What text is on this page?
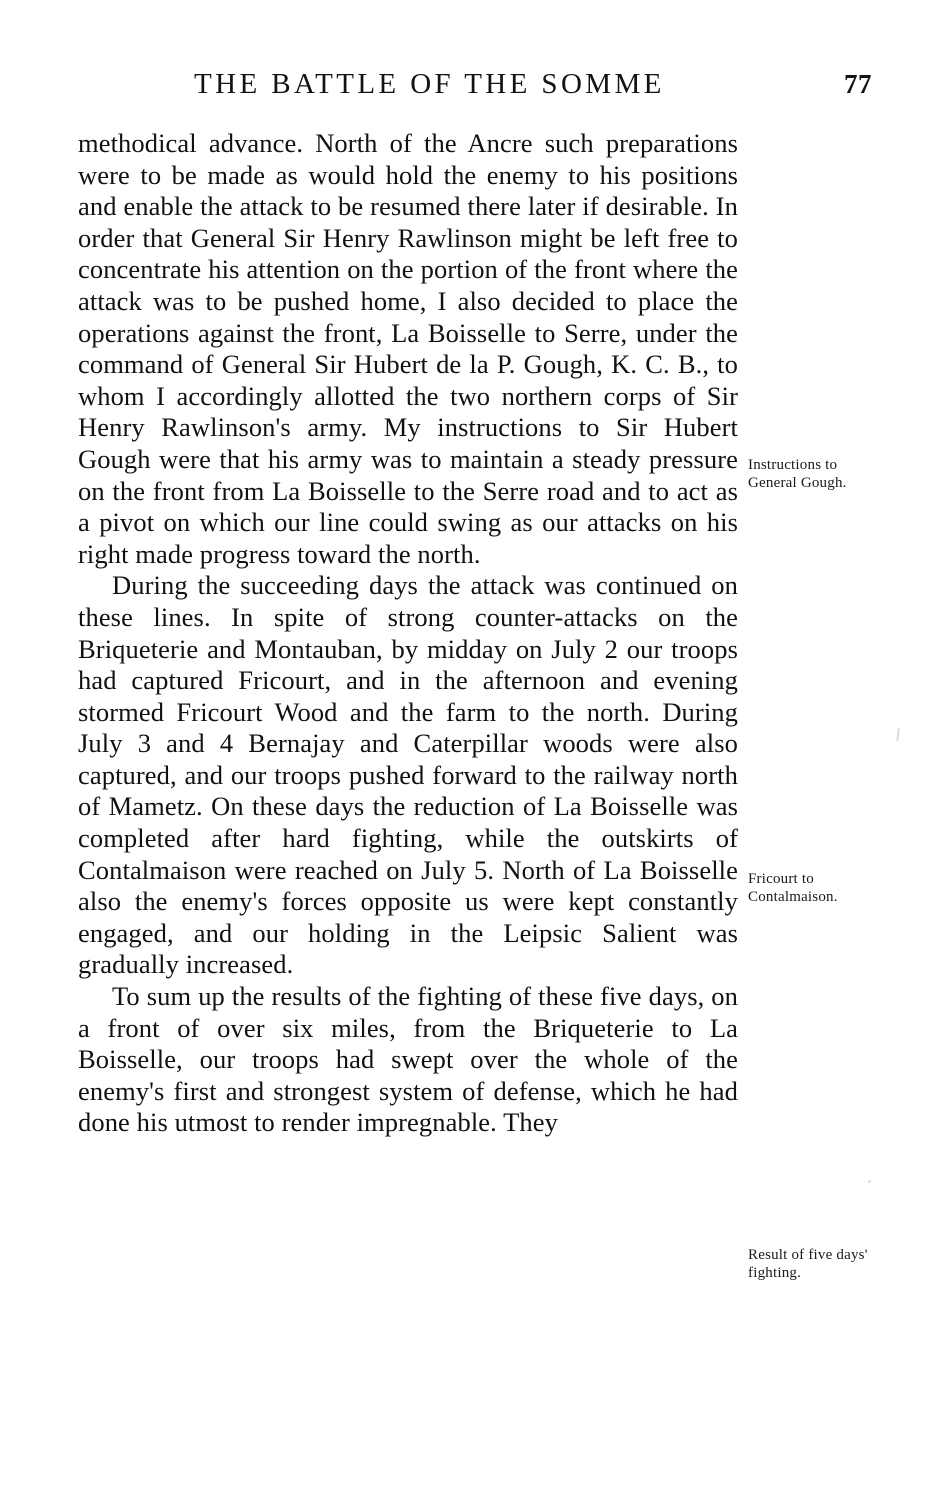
THE BATTLE OF THE SOMME	77

methodical advance. North of the Ancre such preparations were to be made as would hold the enemy to his positions and enable the attack to be resumed there later if desirable. In order that General Sir Henry Rawlinson might be left free to concentrate his attention on the portion of the front where the attack was to be pushed home, I also decided to place the operations against the front, La Boisselle to Serre, under the command of General Sir Hubert de la P. Gough, K. C. B., to whom I accordingly allotted the two northern corps of Sir Henry Rawlinson's army. My instructions to Sir Hubert Gough were that his army was to maintain a steady pressure on the front from La Boisselle to the Serre road and to act as a pivot on which our line could swing as our attacks on his right made progress toward the north.

During the succeeding days the attack was continued on these lines. In spite of strong counter-attacks on the Briqueterie and Montauban, by midday on July 2 our troops had captured Fricourt, and in the afternoon and evening stormed Fricourt Wood and the farm to the north. During July 3 and 4 Bernajay and Caterpillar woods were also captured, and our troops pushed forward to the railway north of Mametz. On these days the reduction of La Boisselle was completed after hard fighting, while the outskirts of Contalmaison were reached on July 5. North of La Boisselle also the enemy's forces opposite us were kept constantly engaged, and our holding in the Leipsic Salient was gradually increased.

To sum up the results of the fighting of these five days, on a front of over six miles, from the Briqueterie to La Boisselle, our troops had swept over the whole of the enemy's first and strongest system of defense, which he had done his utmost to render impregnable. They

Instructions to General Gough.
Fricourt to Contalmaison.
Result of five days' fighting.
